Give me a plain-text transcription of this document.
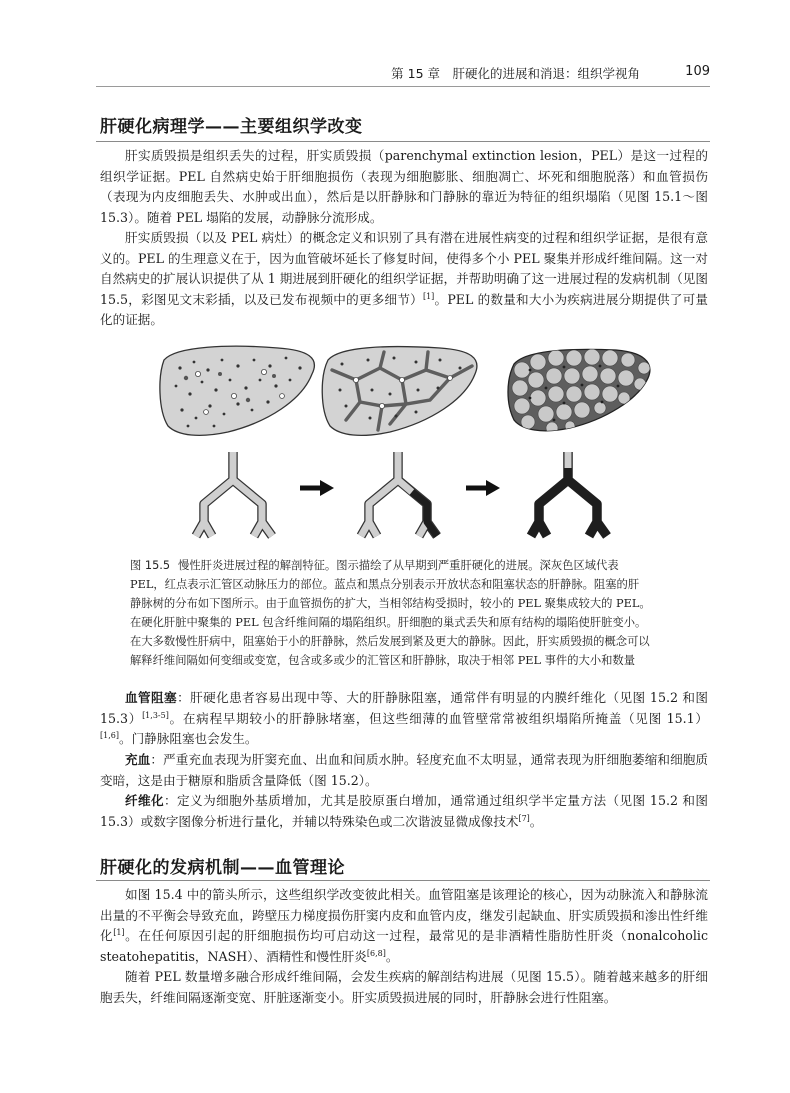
第 15 章　肝硬化的进展和消退：组织学视角	109
肝硬化病理学——主要组织学改变

肝实质毁损是组织丢失的过程，肝实质毁损（parenchymal extinction lesion，PEL）是这一过程的组织学证据。PEL 自然病史始于肝细胞损伤（表现为细胞膨胀、细胞凋亡、坏死和细胞脱落）和血管损伤（表现为内皮细胞丢失、水肿或出血），然后是以肝静脉和门静脉的靠近为特征的组织塌陷（见图 15.1～图 15.3）。随着 PEL 塌陷的发展，动静脉分流形成。

肝实质毁损（以及 PEL 病灶）的概念定义和识别了具有潜在进展性病变的过程和组织学证据，是很有意义的。PEL 的生理意义在于，因为血管破坏延长了修复时间，使得多个小 PEL 聚集并形成纤维间隔。这一对自然病史的扩展认识提供了从 1 期进展到肝硬化的组织学证据，并帮助明确了这一进展过程的发病机制（见图 15.5，彩图见文末彩插，以及已发布视频中的更多细节）[1]。PEL 的数量和大小为疾病进展分期提供了可量化的证据。

图 15.5 慢性肝炎进展过程的解剖特征。图示描绘了从早期到严重肝硬化的进展。深灰色区域代表
PEL，红点表示汇管区动脉压力的部位。蓝点和黑点分别表示开放状态和阻塞状态的肝静脉。阻塞的肝
静脉树的分布如下图所示。由于血管损伤的扩大，当相邻结构受损时，较小的 PEL 聚集成较大的 PEL。
在硬化肝脏中聚集的 PEL 包含纤维间隔的塌陷组织。肝细胞的巢式丢失和原有结构的塌陷使肝脏变小。
在大多数慢性肝病中，阻塞始于小的肝静脉，然后发展到紧及更大的静脉。因此，肝实质毁损的概念可以
解释纤维间隔如何变细或变宽，包含或多或少的汇管区和肝静脉，取决于相邻 PEL 事件的大小和数量

血管阻塞：肝硬化患者容易出现中等、大的肝静脉阻塞，通常伴有明显的内膜纤维化（见图 15.2 和图 15.3）[1,3-5]。在病程早期较小的肝静脉堵塞，但这些细薄的血管壁常常被组织塌陷所掩盖（见图 15.1）[1,6]。门静脉阻塞也会发生。

充血：严重充血表现为肝窦充血、出血和间质水肿。轻度充血不太明显，通常表现为肝细胞萎缩和细胞质变暗，这是由于糖原和脂质含量降低（图 15.2）。

纤维化：定义为细胞外基质增加，尤其是胶原蛋白增加，通常通过组织学半定量方法（见图 15.2 和图 15.3）或数字图像分析进行量化，并辅以特殊染色或二次谐波显微成像技术[7]。

肝硬化的发病机制——血管理论

如图 15.4 中的箭头所示，这些组织学改变彼此相关。血管阻塞是该理论的核心，因为动脉流入和静脉流出量的不平衡会导致充血，跨壁压力梯度损伤肝窦内皮和血管内皮，继发引起缺血、肝实质毁损和渗出性纤维化[1]。在任何原因引起的肝细胞损伤均可启动这一过程，最常见的是非酒精性脂肪性肝炎（nonalcoholic steatohepatitis，NASH）、酒精性和慢性肝炎[6,8]。

随着 PEL 数量增多融合形成纤维间隔，会发生疾病的解剖结构进展（见图 15.5）。随着越来越多的肝细胞丢失，纤维间隔逐渐变宽、肝脏逐渐变小。肝实质毁损进展的同时，肝静脉会进行性阻塞。
